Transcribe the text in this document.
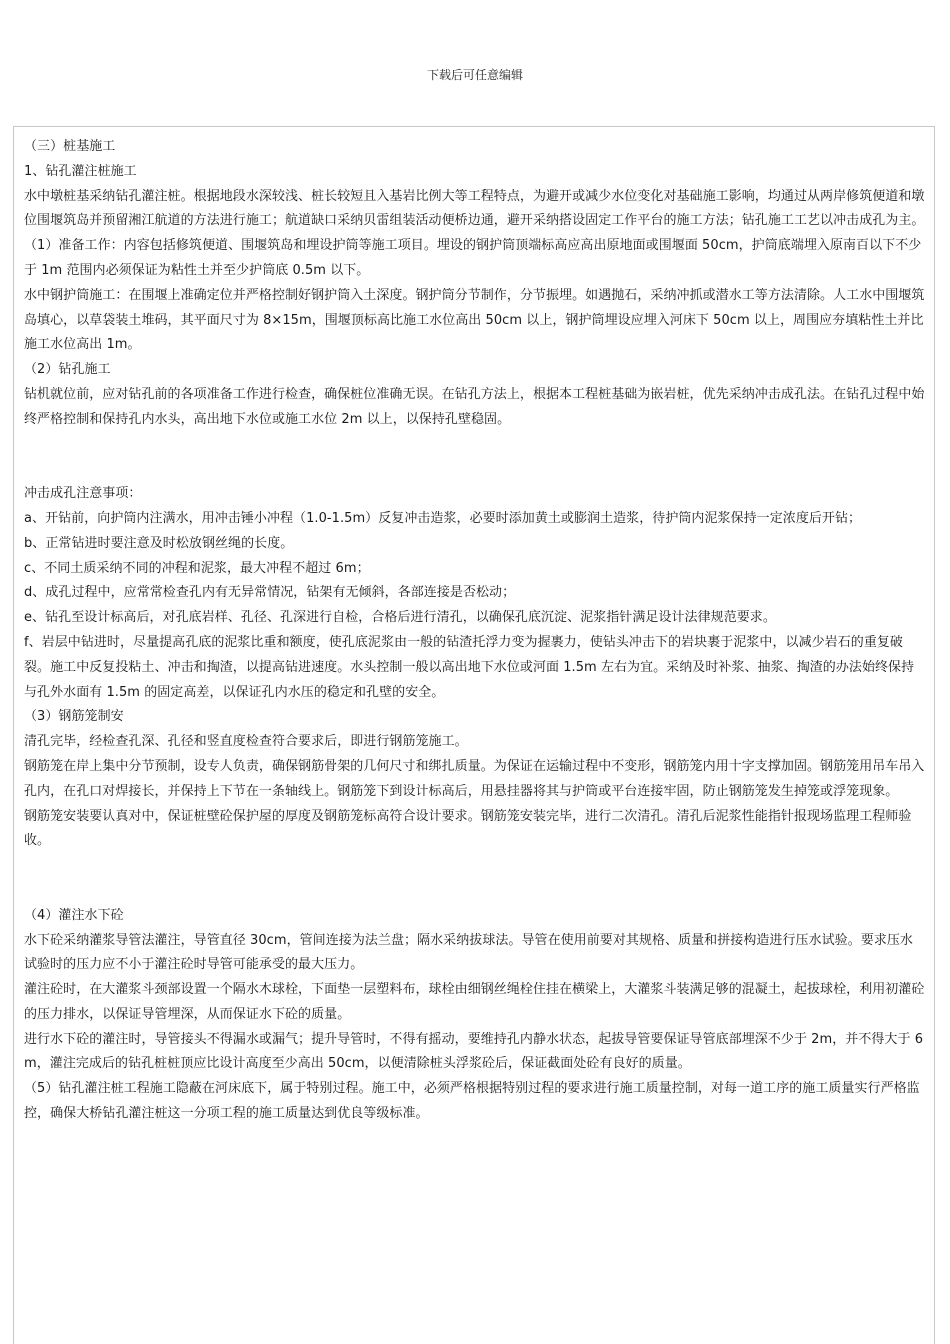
下载后可任意编辑

（三）桩基施工

1、钻孔灌注桩施工

水中墩桩基采纳钻孔灌注桩。根据地段水深较浅、桩长较短且入基岩比例大等工程特点，为避开或减少水位变化对基础施工影响，均通过从两岸修筑便道和墩位围堰筑岛并预留湘江航道的方法进行施工；航道缺口采纳贝雷组装活动便桥边通，避开采纳搭设固定工作平台的施工方法；钻孔施工工艺以冲击成孔为主。

（1）准备工作：内容包括修筑便道、围堰筑岛和埋设护筒等施工项目。埋设的钢护筒顶端标高应高出原地面或围堰面 50cm，护筒底端埋入原南百以下不少于 1m 范围内必须保证为粘性土并至少护筒底 0.5m 以下。

水中钢护筒施工：在围堰上准确定位并严格控制好钢护筒入土深度。钢护筒分节制作，分节振埋。如遇抛石，采纳冲抓或潜水工等方法清除。人工水中围堰筑岛填心，以草袋装土堆码，其平面尺寸为 8×15m，围堰顶标高比施工水位高出 50cm 以上，钢护筒埋设应埋入河床下 50cm 以上，周围应夯填粘性土并比施工水位高出 1m。

（2）钻孔施工

钻机就位前，应对钻孔前的各项准备工作进行检查，确保桩位准确无误。在钻孔方法上，根据本工程桩基础为嵌岩桩，优先采纳冲击成孔法。在钻孔过程中始终严格控制和保持孔内水头，高出地下水位或施工水位 2m 以上，以保持孔壁稳固。

冲击成孔注意事项：

a、开钻前，向护筒内注满水，用冲击锤小冲程（1.0-1.5m）反复冲击造浆，必要时添加黄土或膨润土造浆，待护筒内泥浆保持一定浓度后开钻；

b、正常钻进时要注意及时松放钢丝绳的长度。

c、不同土质采纳不同的冲程和泥浆，最大冲程不超过 6m；

d、成孔过程中，应常常检查孔内有无异常情况，钻架有无倾斜，各部连接是否松动；

e、钻孔至设计标高后，对孔底岩样、孔径、孔深进行自检，合格后进行清孔，以确保孔底沉淀、泥浆指针满足设计法律规范要求。

f、岩层中钻进时，尽量提高孔底的泥浆比重和额度，使孔底泥浆由一般的钻渣托浮力变为握裹力，使钻头冲击下的岩块裹于泥浆中，以减少岩石的重复破裂。施工中反复投粘土、冲击和掏渣，以提高钻进速度。水头控制一般以高出地下水位或河面 1.5m 左右为宜。采纳及时补浆、抽浆、掏渣的办法始终保持与孔外水面有 1.5m 的固定高差，以保证孔内水压的稳定和孔壁的安全。

（3）钢筋笼制安

清孔完毕，经检查孔深、孔径和竖直度检查符合要求后，即进行钢筋笼施工。

钢筋笼在岸上集中分节预制，设专人负责，确保钢筋骨架的几何尺寸和绑扎质量。为保证在运输过程中不变形，钢筋笼内用十字支撑加固。钢筋笼用吊车吊入孔内，在孔口对焊接长，并保持上下节在一条轴线上。钢筋笼下到设计标高后，用悬挂器将其与护筒或平台连接牢固，防止钢筋笼发生掉笼或浮笼现象。

钢筋笼安装要认真对中，保证桩壁砼保护屋的厚度及钢筋笼标高符合设计要求。钢筋笼安装完毕，进行二次清孔。清孔后泥浆性能指针报现场监理工程师验收。

（4）灌注水下砼

水下砼采纳灌浆导管法灌注，导管直径 30cm，管间连接为法兰盘；隔水采纳拔球法。导管在使用前要对其规格、质量和拼接构造进行压水试验。要求压水试验时的压力应不小于灌注砼时导管可能承受的最大压力。

灌注砼时，在大灌浆斗颈部设置一个隔水木球栓，下面垫一层塑料布，球栓由细钢丝绳栓住挂在横梁上，大灌浆斗装满足够的混凝土，起拔球栓，利用初灌砼的压力排水，以保证导管埋深，从而保证水下砼的质量。

进行水下砼的灌注时，导管接头不得漏水或漏气；提升导管时，不得有摇动，要维持孔内静水状态，起拔导管要保证导管底部埋深不少于 2m，并不得大于 6m，灌注完成后的钻孔桩桩顶应比设计高度至少高出 50cm，以便清除桩头浮浆砼后，保证截面处砼有良好的质量。

（5）钻孔灌注桩工程施工隐蔽在河床底下，属于特别过程。施工中，必须严格根据特别过程的要求进行施工质量控制，对每一道工序的施工质量实行严格监控，确保大桥钻孔灌注桩这一分项工程的施工质量达到优良等级标准。
